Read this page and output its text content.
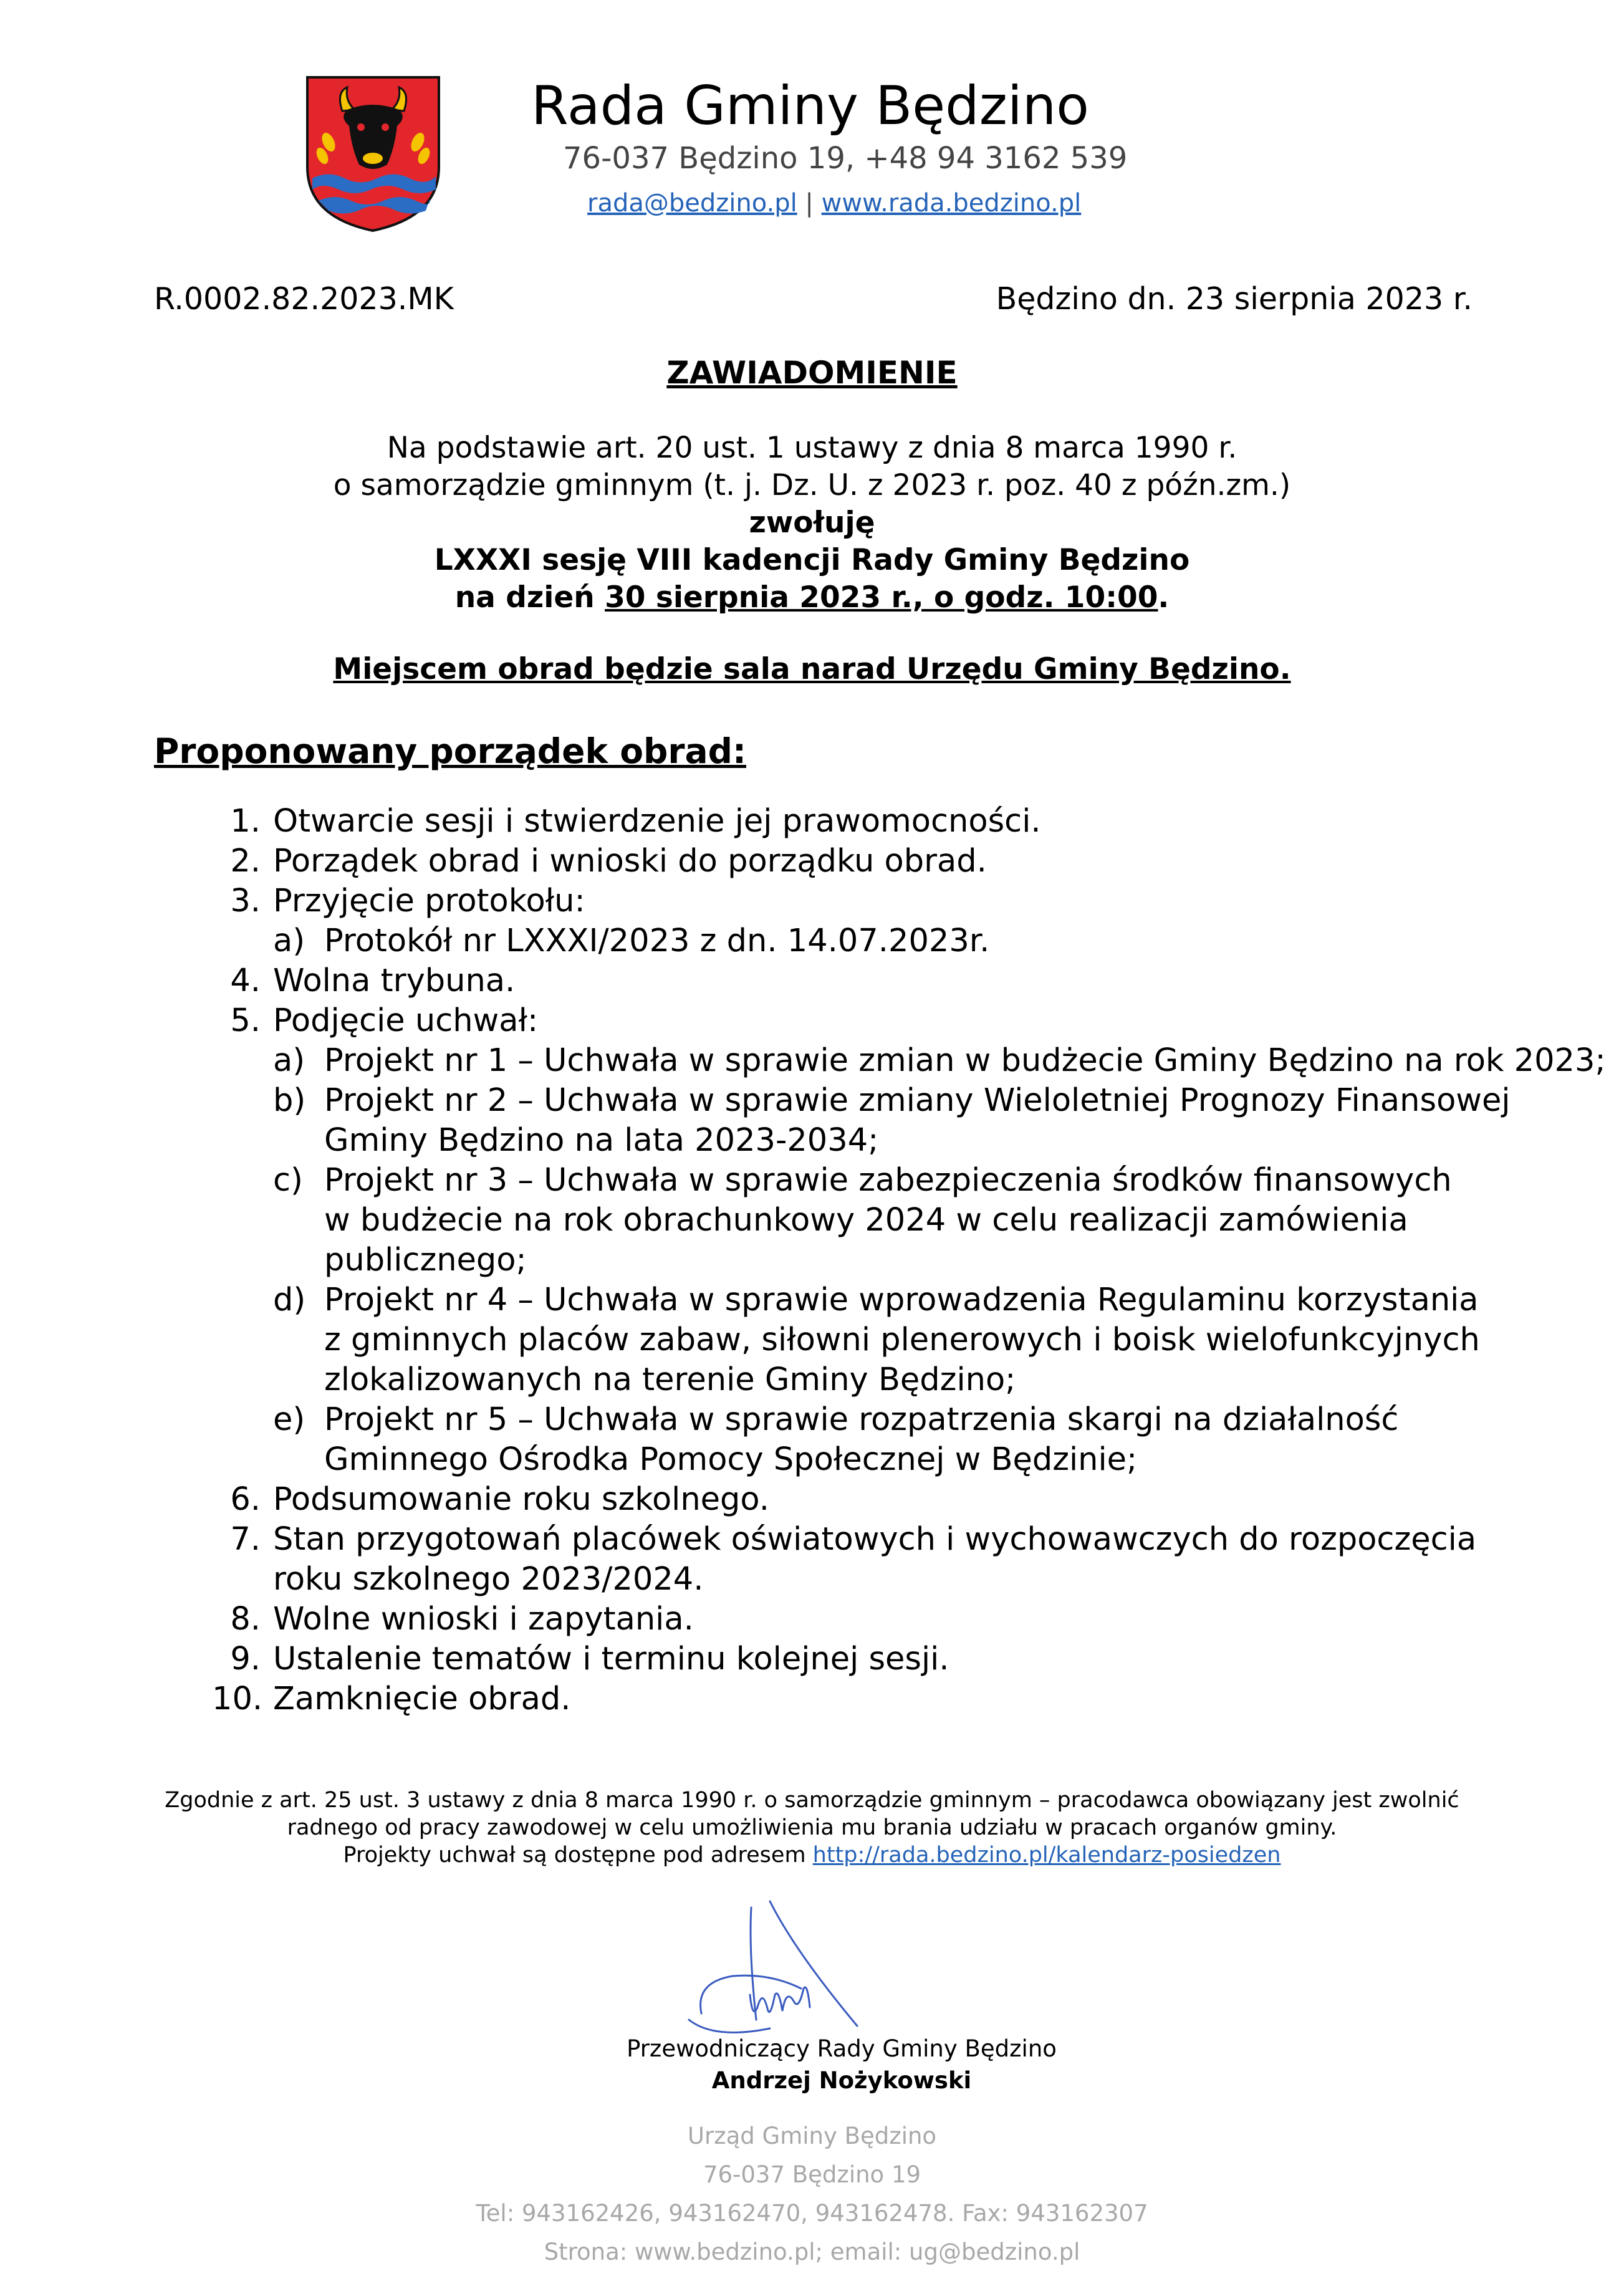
Rada Gminy Będzino
76-037 Będzino 19, +48 94 3162 539
rada@bedzino.pl | www.rada.bedzino.pl
R.0002.82.2023.MK	Będzino dn. 23 sierpnia 2023 r.
ZAWIADOMIENIE
Na podstawie art. 20 ust. 1 ustawy z dnia 8 marca 1990 r.
o samorządzie gminnym (t. j. Dz. U. z 2023 r. poz. 40 z późn.zm.)
zwołuję
LXXXI sesję VIII kadencji Rady Gminy Będzino
na dzień 30 sierpnia 2023 r., o godz. 10:00.
Miejscem obrad będzie sala narad Urzędu Gminy Będzino.
Proponowany porządek obrad:
1. Otwarcie sesji i stwierdzenie jej prawomocności.
2. Porządek obrad i wnioski do porządku obrad.
3. Przyjęcie protokołu:
a) Protokół nr LXXXI/2023 z dn. 14.07.2023r.
4. Wolna trybuna.
5. Podjęcie uchwał:
a) Projekt nr 1 – Uchwała w sprawie zmian w budżecie Gminy Będzino na rok 2023;
b) Projekt nr 2 – Uchwała w sprawie zmiany Wieloletniej Prognozy Finansowej
Gminy Będzino na lata 2023-2034;
c) Projekt nr 3 – Uchwała w sprawie zabezpieczenia środków finansowych
w budżecie na rok obrachunkowy 2024 w celu realizacji zamówienia
publicznego;
d) Projekt nr 4 – Uchwała w sprawie wprowadzenia Regulaminu korzystania
z gminnych placów zabaw, siłowni plenerowych i boisk wielofunkcyjnych
zlokalizowanych na terenie Gminy Będzino;
e) Projekt nr 5 – Uchwała w sprawie rozpatrzenia skargi na działalność
Gminnego Ośrodka Pomocy Społecznej w Będzinie;
6. Podsumowanie roku szkolnego.
7. Stan przygotowań placówek oświatowych i wychowawczych do rozpoczęcia
roku szkolnego 2023/2024.
8. Wolne wnioski i zapytania.
9. Ustalenie tematów i terminu kolejnej sesji.
10. Zamknięcie obrad.
Zgodnie z art. 25 ust. 3 ustawy z dnia 8 marca 1990 r. o samorządzie gminnym – pracodawca obowiązany jest zwolnić
radnego od pracy zawodowej w celu umożliwienia mu brania udziału w pracach organów gminy.
Projekty uchwał są dostępne pod adresem http://rada.bedzino.pl/kalendarz-posiedzen
Przewodniczący Rady Gminy Będzino
Andrzej Nożykowski
Urząd Gminy Będzino
76-037 Będzino 19
Tel: 943162426, 943162470, 943162478. Fax: 943162307
Strona: www.bedzino.pl; email: ug@bedzino.pl
